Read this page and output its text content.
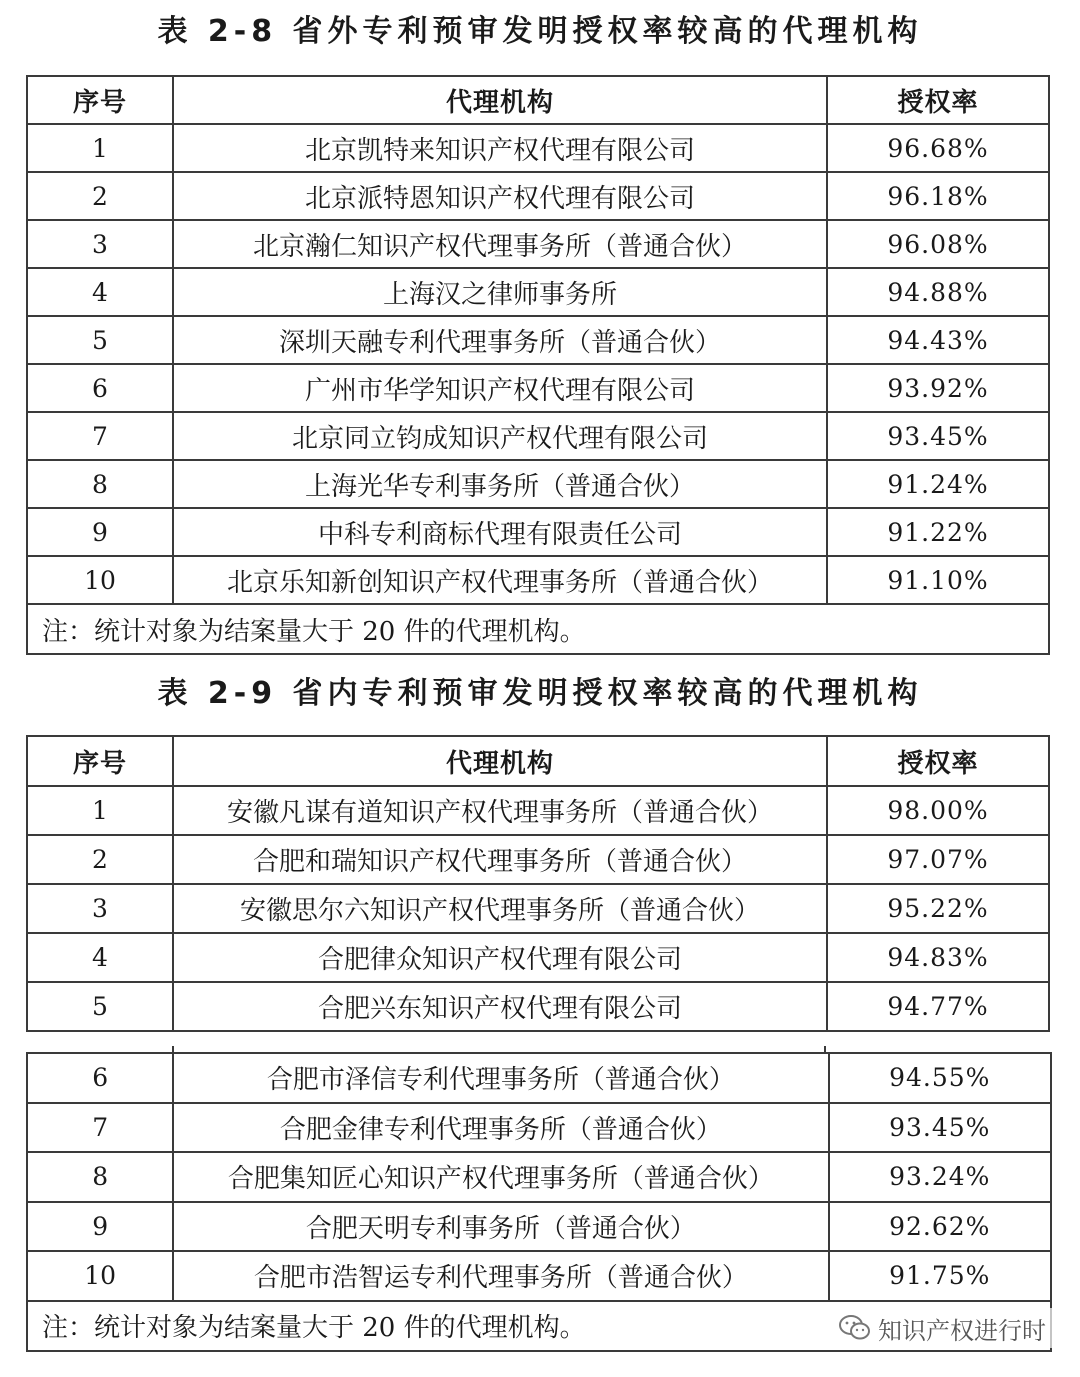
表 2-8 省外专利预审发明授权率较高的代理机构
序号	代理机构	授权率
1	北京凯特来知识产权代理有限公司	96.68%
2	北京派特恩知识产权代理有限公司	96.18%
3	北京瀚仁知识产权代理事务所（普通合伙）	96.08%
4	上海汉之律师事务所	94.88%
5	深圳天融专利代理事务所（普通合伙）	94.43%
6	广州市华学知识产权代理有限公司	93.92%
7	北京同立钧成知识产权代理有限公司	93.45%
8	上海光华专利事务所（普通合伙）	91.24%
9	中科专利商标代理有限责任公司	91.22%
10	北京乐知新创知识产权代理事务所（普通合伙）	91.10%
注：统计对象为结案量大于 20 件的代理机构。		
表 2-9 省内专利预审发明授权率较高的代理机构
序号	代理机构	授权率
1	安徽凡谋有道知识产权代理事务所（普通合伙）	98.00%
2	合肥和瑞知识产权代理事务所（普通合伙）	97.07%
3	安徽思尔六知识产权代理事务所（普通合伙）	95.22%
4	合肥律众知识产权代理有限公司	94.83%
5	合肥兴东知识产权代理有限公司	94.77%
6	合肥市泽信专利代理事务所（普通合伙）	94.55%
7	合肥金律专利代理事务所（普通合伙）	93.45%
8	合肥集知匠心知识产权代理事务所（普通合伙）	93.24%
9	合肥天明专利事务所（普通合伙）	92.62%
10	合肥市浩智运专利代理事务所（普通合伙）	91.75%
注：统计对象为结案量大于 20 件的代理机构。			知识产权进行时
